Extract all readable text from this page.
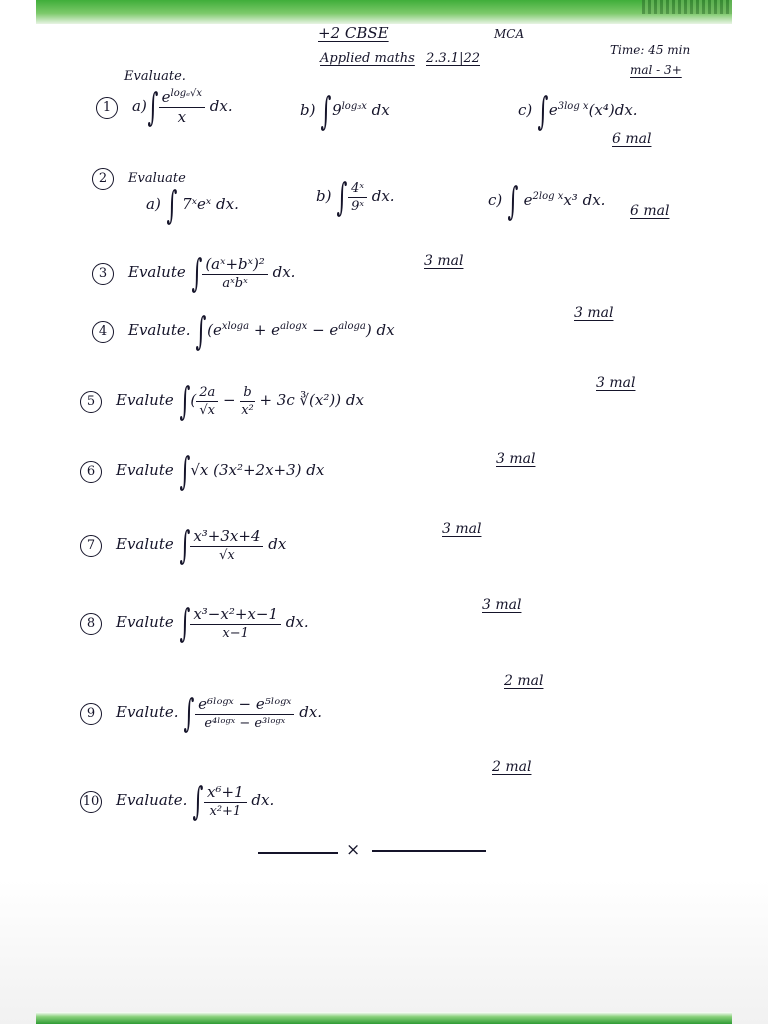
+2 CBSE	MCA
Applied maths 2.3.1|22
Time: 45 min
mal - 3+
Evaluate.
1 $a)\int \frac{e^{log_e√x}}{x}$ dx.	b) $\int 9^{log_3x}$ dx	c) $\int e^{3log x}(x^4)dx$.
6 mal
2 Evaluate
a) ∫ 7ˣeˣ dx.	b) ∫ $\frac{\text{4ˣ}}{\text{9ˣ}}$ dx.	c) ∫ $e^{2log x}x^3$ dx.
6 mal
3 Evalute ∫ $\frac{\text{(aˣ+bˣ)²}}{\text{aˣbˣ}}$ dx.
3 mal
4 Evalute. $\int(e^{xloga} + e^{alogx} - e^{aloga})$ dx
3 mal
5 Evalute ∫( $\frac{2a}{√x} - \frac{b}{\text{x²}} + 3c$ ∛(x²)) dx
3 mal
6 Evalute ∫√x (3x²+2x+3) dx
3 mal
7 Evalute ∫ $\frac{\text{x³+3x+4}}{√x}$ dx
3 mal
8 Evalute ∫ $\frac{\text{x³−x²+x−1}}{x-1}$ dx.
3 mal
9 Evalute. ∫ $\frac{\text{e⁶ˡᵒᵍˣ − e⁵ˡᵒᵍˣ}}{\text{e⁴ˡᵒᵍˣ − e³ˡᵒᵍˣ}}$ dx.
2 mal
10 Evaluate. ∫ $\frac{\text{x⁶+1}}{\text{x²+1}}$ dx.
2 mal
×
